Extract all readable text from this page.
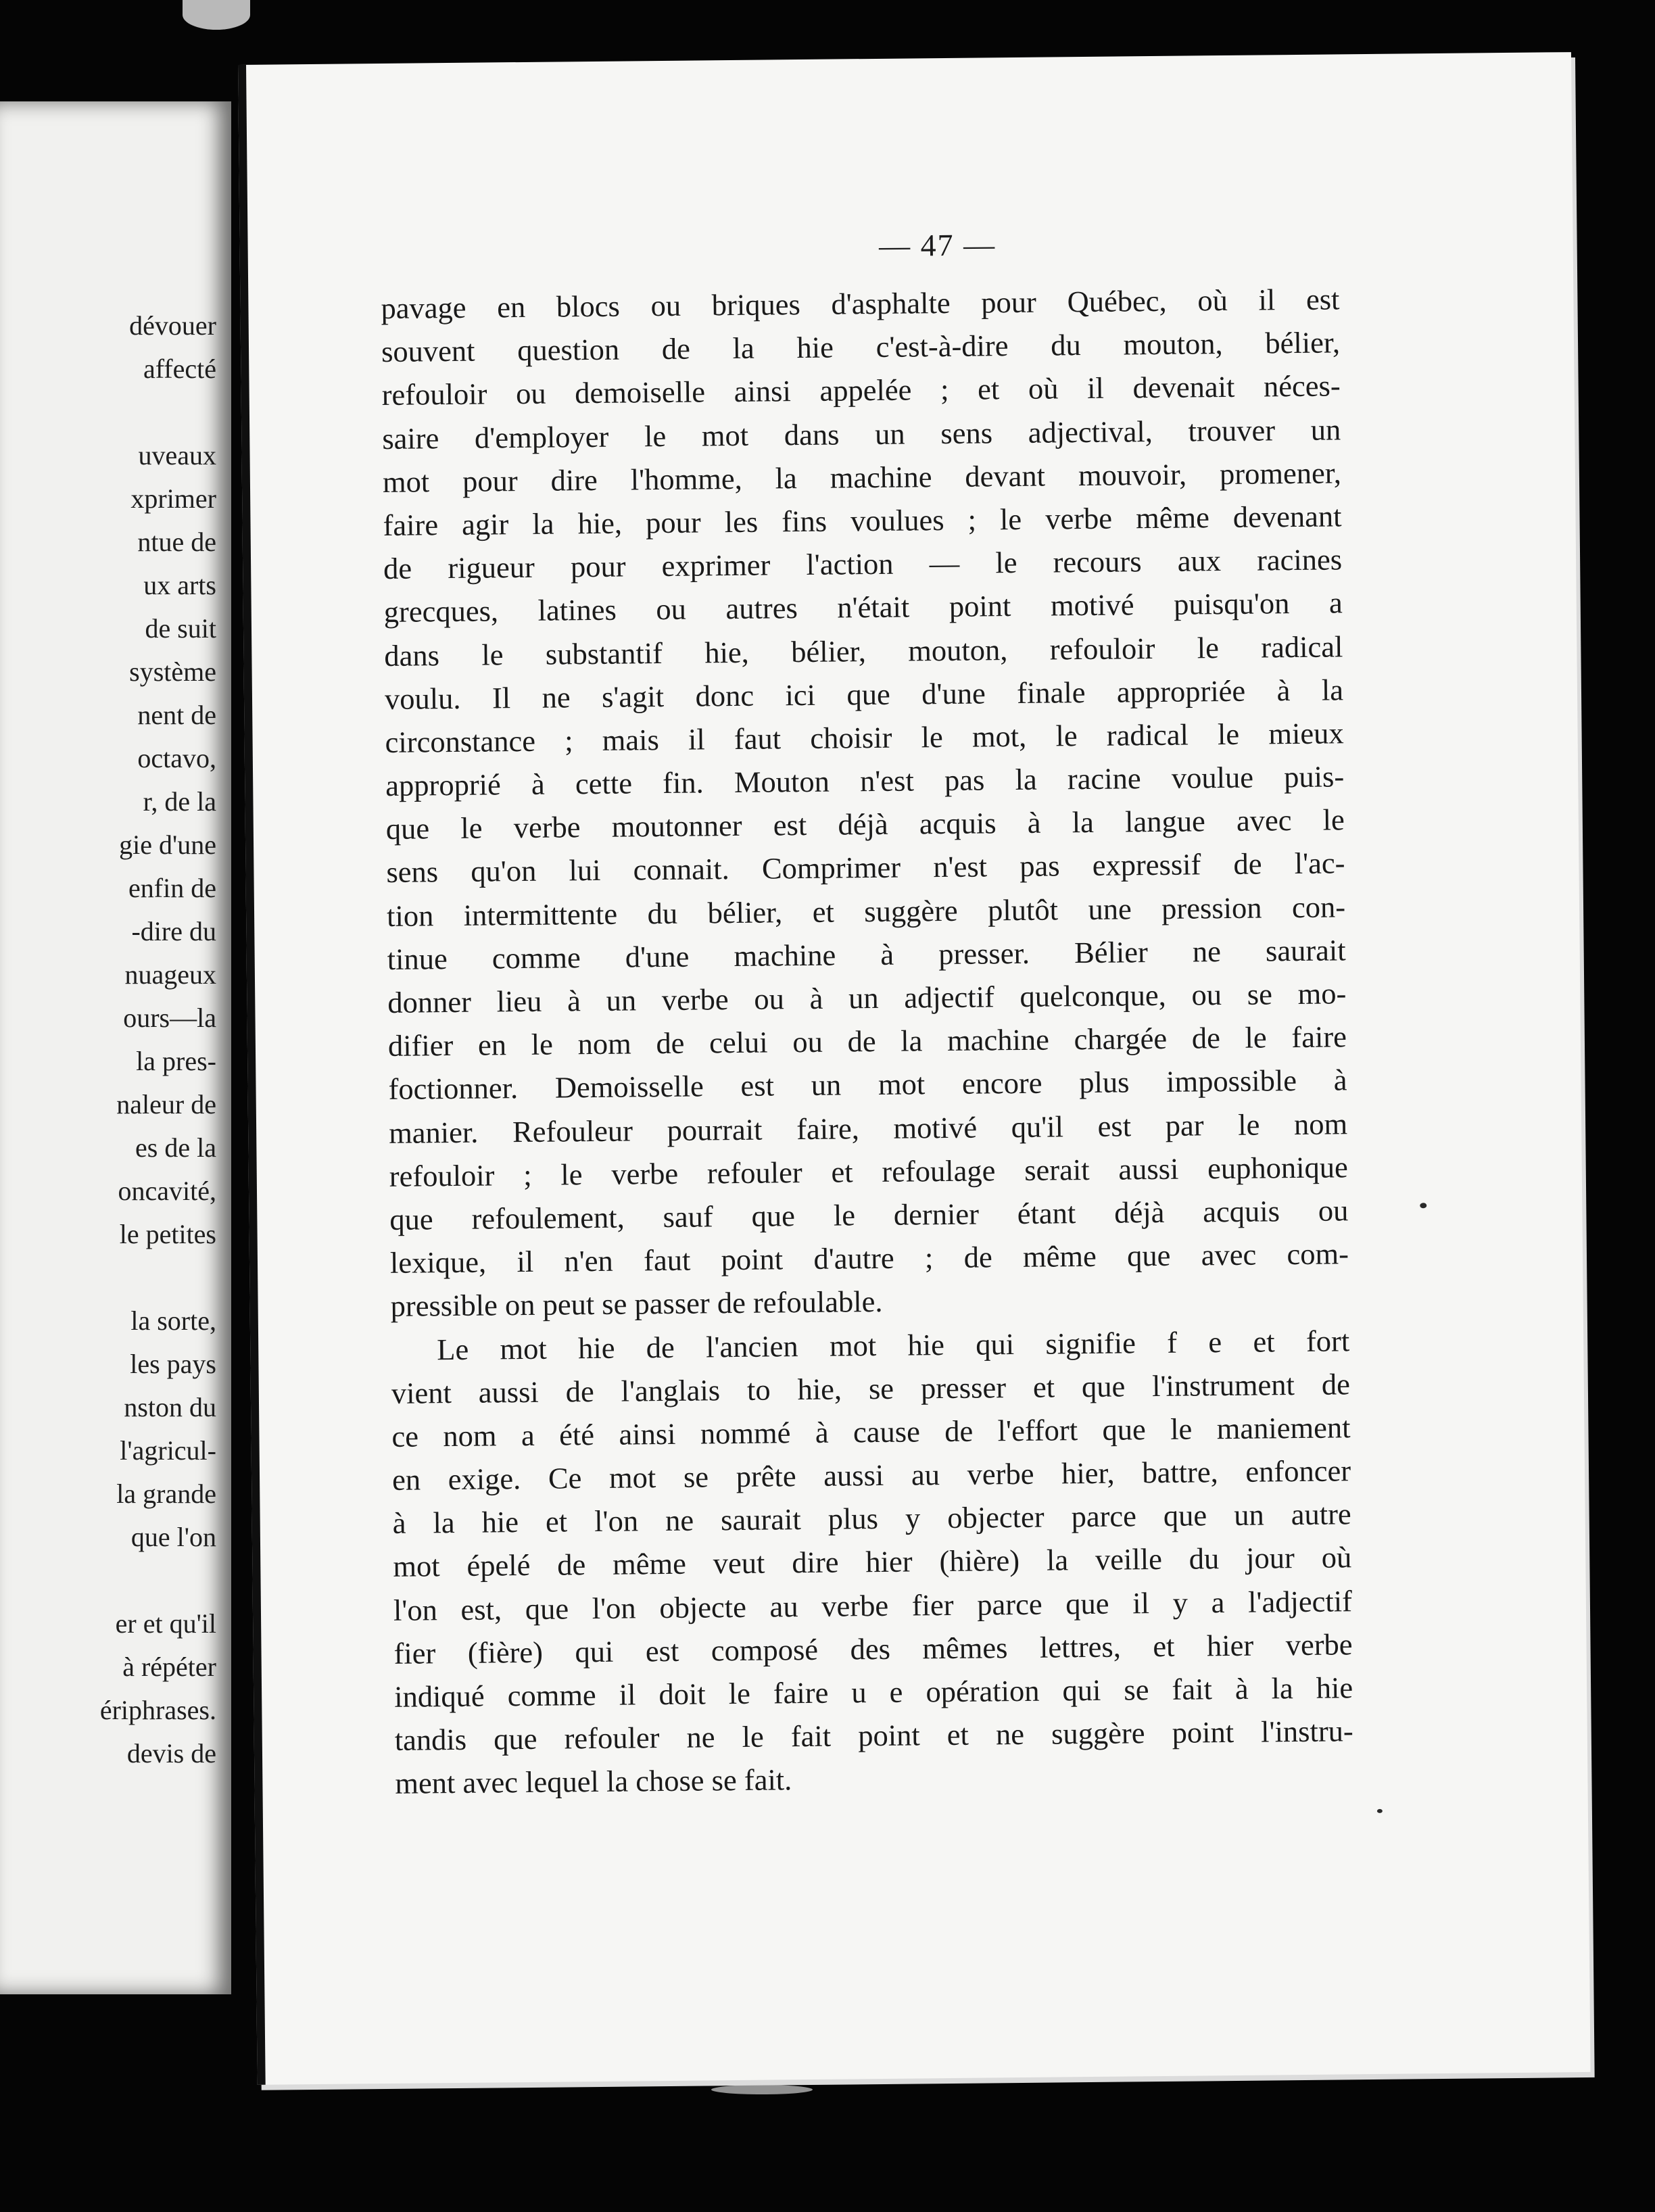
dévouer
affecté
uveaux
xprimer
ntue de
ux arts
de suit
système
nent de
octavo,
r, de la
gie d'une
enfin de
-dire du
nuageux
ours—la
la pres-
naleur de
es de la
oncavité,
le petites
la sorte,
les pays
nston du
l'agricul-
la grande
que l'on
er et qu'il
à répéter
ériphrases.
devis de
— 47 —
pavage en blocs ou briques d'asphalte pour Québec, où il est
souvent question de la hie c'est-à-dire du mouton, bélier,
refouloir ou demoiselle ainsi appelée ; et où il devenait néces-
saire d'employer le mot dans un sens adjectival, trouver un
mot pour dire l'homme, la machine devant mouvoir, promener,
faire agir la hie, pour les fins voulues ; le verbe même devenant
de rigueur pour exprimer l'action — le recours aux racines
grecques, latines ou autres n'était point motivé puisqu'on a
dans le substantif hie, bélier, mouton, refouloir le radical
voulu. Il ne s'agit donc ici que d'une finale appropriée à la
circonstance ; mais il faut choisir le mot, le radical le mieux
approprié à cette fin. Mouton n'est pas la racine voulue puis-
que le verbe moutonner est déjà acquis à la langue avec le
sens qu'on lui connait. Comprimer n'est pas expressif de l'ac-
tion intermittente du bélier, et suggère plutôt une pression con-
tinue comme d'une machine à presser. Bélier ne saurait
donner lieu à un verbe ou à un adjectif quelconque, ou se mo-
difier en le nom de celui ou de la machine chargée de le faire
foctionner. Demoisselle est un mot encore plus impossible à
manier. Refouleur pourrait faire, motivé qu'il est par le nom
refouloir ; le verbe refouler et refoulage serait aussi euphonique
que refoulement, sauf que le dernier étant déjà acquis ou
lexique, il n'en faut point d'autre ; de même que avec com-
pressible on peut se passer de refoulable.
Le mot hie de l'ancien mot hie qui signifie f e et fort
vient aussi de l'anglais to hie, se presser et que l'instrument de
ce nom a été ainsi nommé à cause de l'effort que le maniement
en exige. Ce mot se prête aussi au verbe hier, battre, enfoncer
à la hie et l'on ne saurait plus y objecter parce que un autre
mot épelé de même veut dire hier (hière) la veille du jour où
l'on est, que l'on objecte au verbe fier parce que il y a l'adjectif
fier (fière) qui est composé des mêmes lettres, et hier verbe
indiqué comme il doit le faire u e opération qui se fait à la hie
tandis que refouler ne le fait point et ne suggère point l'instru-
ment avec lequel la chose se fait.
